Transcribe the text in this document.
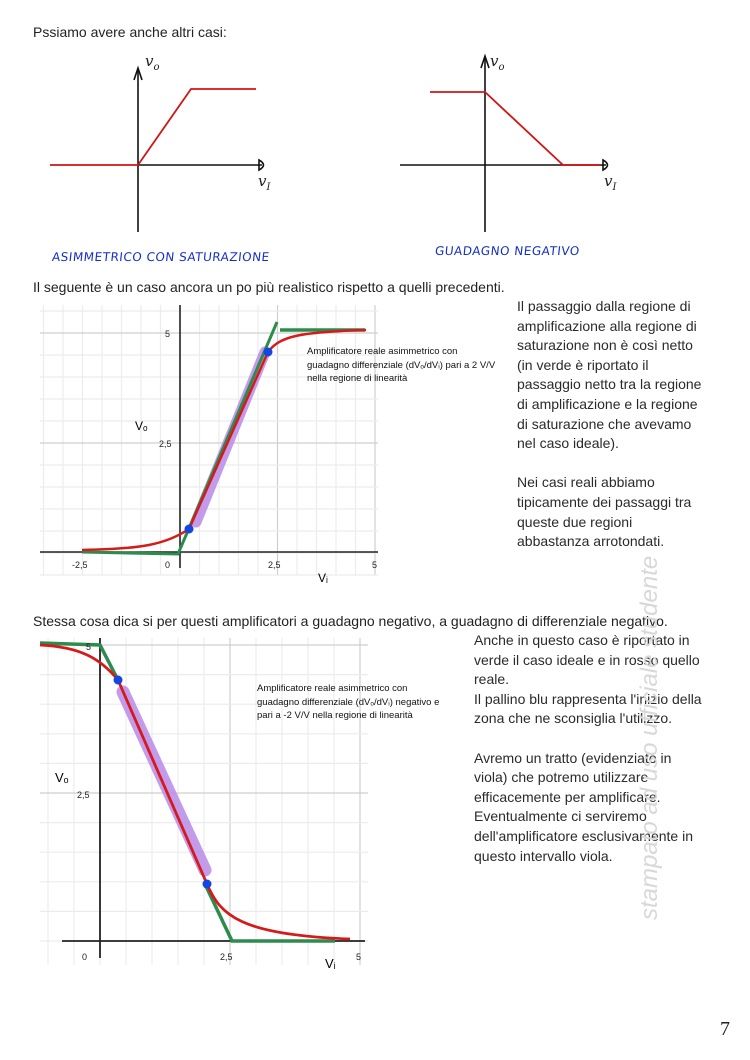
Pssiamo avere anche altri casi:
$v_o$
$v_I$
$v_o$
$v_I$
ASIMMETRICO CON SATURAZIONE	GUADAGNO NEGATIVO
Il seguente è un caso ancora un po più realistico rispetto a quelli precedenti.
-2,5	0	2,5	5
2,5
5
Vₒ
Vᵢ
0	2,5	5
2,5
5
Vₒ
Vᵢ
Amplificatore reale asimmetrico con
guadagno differenziale (dVₒ/dVᵢ) pari a 2 V/V
nella regione di linearità
Il passaggio dalla regione di
amplificazione alla regione di
saturazione non è così netto
(in verde è riportato il
passaggio netto tra la regione
di amplificazione e la regione
di saturazione che avevamo
nel caso ideale).

Nei casi reali abbiamo
tipicamente dei passaggi tra
queste due regioni
abbastanza arrotondati.
Stessa cosa dica si per questi amplificatori a guadagno negativo, a guadagno di differenziale negativo.
Amplificatore reale asimmetrico con
guadagno differenziale (dVₒ/dVᵢ) negativo e
pari a -2 V/V nella regione di linearità
Anche in questo caso è riportato in
verde il caso ideale e in rosso quello
reale.
Il pallino blu rappresenta l'inizio della
zona che ne sconsiglia l'utilizzo.

Avremo un tratto (evidenziato in
viola) che potremo utilizzare
efficacemente per amplificare.
Eventualmente ci serviremo
dell'amplificatore esclusivamente in
questo intervallo viola. stampato ad uso ufficiale studente
7
